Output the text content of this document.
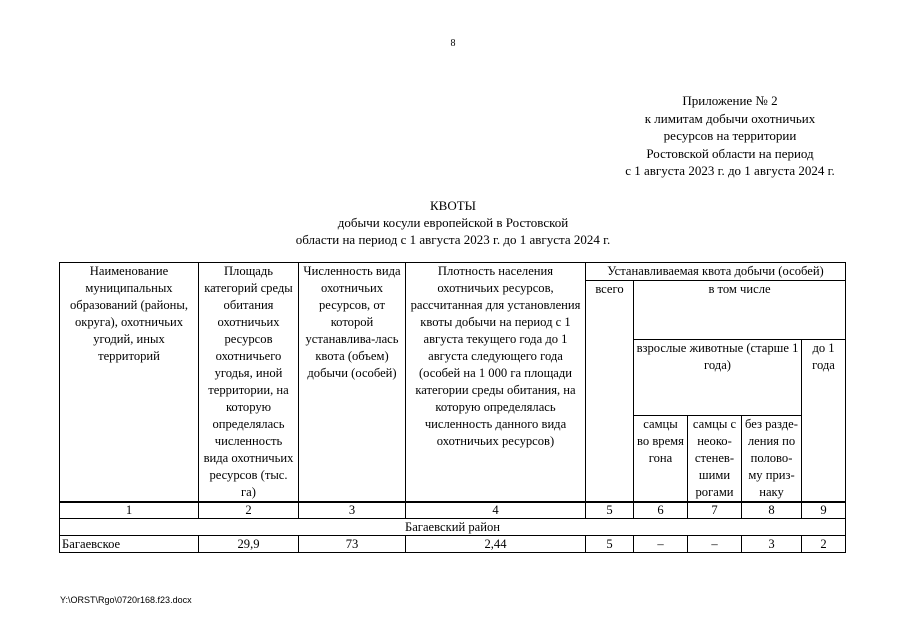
8
Приложение № 2
к лимитам добычи охотничьих
ресурсов на территории
Ростовской области на период
с 1 августа 2023 г. до 1 августа 2024 г.
КВОТЫ
добычи косули европейской в Ростовской
области на период с 1 августа 2023 г. до 1 августа 2024 г.
Наименование муниципальных образований (районы, округа), охотничьих угодий, иных территорий	Площадь категорий среды обитания охотничьих ресурсов охотничьего угодья, иной территории, на которую определялась численность вида охотничьих ресурсов (тыс. га)	Численность вида охотничьих ресурсов, от которой устанавлива-лась квота (объем) добычи (особей)	Плотность населения охотничьих ресурсов, рассчитанная для установления квоты добычи на период с 1 августа текущего года до 1 августа следующего года (особей на 1 000 га площади категории среды обитания, на которую определялась численность данного вида охотничьих ресурсов)	Устанавливаемая квота добычи (особей)				
				всего	в том числе			
					взрослые животные (старше 1 года)			до 1 года
					самцы во время гона	самцы с неоко-стенев-шими рогами	без разде-ления по полово-му приз-наку	
1	2	3	4	5	6	7	8	9
Багаевский район								
Багаевское	29,9	73	2,44	5	–	–	3	2
Y:\ORST\Rgo\0720r168.f23.docx
